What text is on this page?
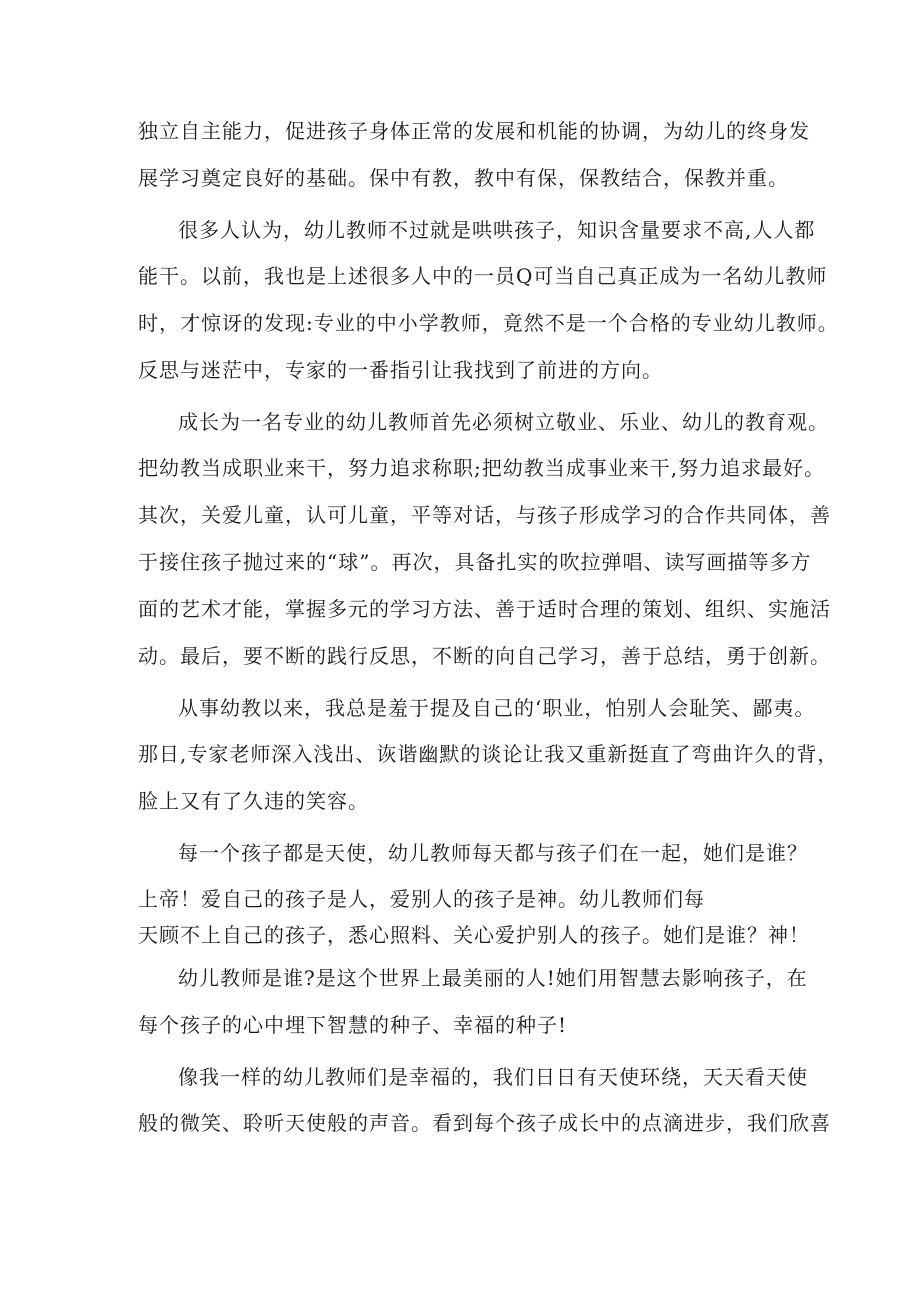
独立自主能力，促进孩子身体正常的发展和机能的协调，为幼儿的终身发
展学习奠定良好的基础。保中有教，教中有保，保教结合，保教并重。
很多人认为，幼儿教师不过就是哄哄孩子，知识含量要求不高,人人都
能干。以前，我也是上述很多人中的一员Q可当自己真正成为一名幼儿教师
时，才惊讶的发现:专业的中小学教师，竟然不是一个合格的专业幼儿教师。
反思与迷茫中，专家的一番指引让我找到了前进的方向。
成长为一名专业的幼儿教师首先必须树立敬业、乐业、幼儿的教育观。
把幼教当成职业来干，努力追求称职;把幼教当成事业来干,努力追求最好。
其次，关爱儿童，认可儿童，平等对话，与孩子形成学习的合作共同体，善
于接住孩子抛过来的“球”。再次，具备扎实的吹拉弹唱、读写画描等多方
面的艺术才能，掌握多元的学习方法、善于适时合理的策划、组织、实施活
动。最后，要不断的践行反思，不断的向自己学习，善于总结，勇于创新。
从事幼教以来，我总是羞于提及自己的‘职业，怕别人会耻笑、鄙夷。
那日,专家老师深入浅出、诙谐幽默的谈论让我又重新挺直了弯曲许久的背，
脸上又有了久违的笑容。
每一个孩子都是天使，幼儿教师每天都与孩子们在一起，她们是谁？
上帝！爱自己的孩子是人，爱别人的孩子是神。幼儿教师们每
天顾不上自己的孩子，悉心照料、关心爱护别人的孩子。她们是谁？神！
幼儿教师是谁?是这个世界上最美丽的人!她们用智慧去影响孩子，在
每个孩子的心中埋下智慧的种子、幸福的种子!
像我一样的幼儿教师们是幸福的，我们日日有天使环绕，天天看天使
般的微笑、聆听天使般的声音。看到每个孩子成长中的点滴进步，我们欣喜
